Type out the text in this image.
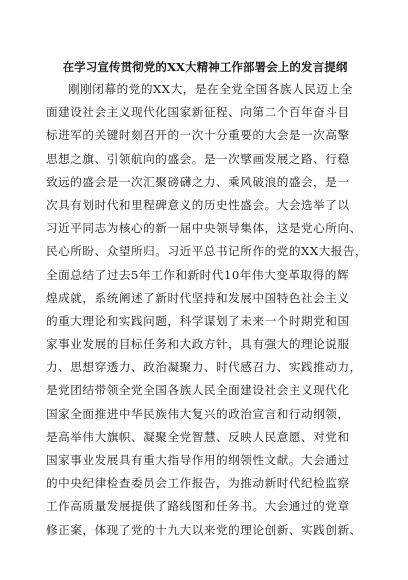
在学习宣传贯彻党的XX大精神工作部署会上的发言提纲
刚刚闭幕的党的XX大，是在全党全国各族人民迈上全
面建设社会主义现代化国家新征程、向第二个百年奋斗目
标进军的关键时刻召开的一次十分重要的大会是一次高擎
思想之旗、引领航向的盛会。是一次擘画发展之路、行稳
致远的盛会是一次汇聚磅礴之力、乘风破浪的盛会，是一
次具有划时代和里程碑意义的历史性盛会。大会选举了以
习近平同志为核心的新一届中央领导集体，这是党心所向、
民心所盼、众望所归。习近平总书记所作的党的XX大报告，
全面总结了过去5年工作和新时代10年伟大变革取得的辉
煌成就，系统阐述了新时代坚持和发展中国特色社会主义
的重大理论和实践问题，科学谋划了未来一个时期党和国
家事业发展的目标任务和大政方针，具有强大的理论说服
力、思想穿透力、政治凝聚力、时代感召力、实践推动力，
是党团结带领全党全国各族人民全面建设社会主义现代化
国家全面推进中华民族伟大复兴的政治宣言和行动纲领，
是高举伟大旗帜、凝聚全党智慧、反映人民意愿、对党和
国家事业发展具有重大指导作用的纲领性文献。大会通过
的中央纪律检查委员会工作报告，为推动新时代纪检监察
工作高质量发展提供了路线图和任务书。大会通过的党章
修正案，体现了党的十九大以来党的理论创新、实践创新、
